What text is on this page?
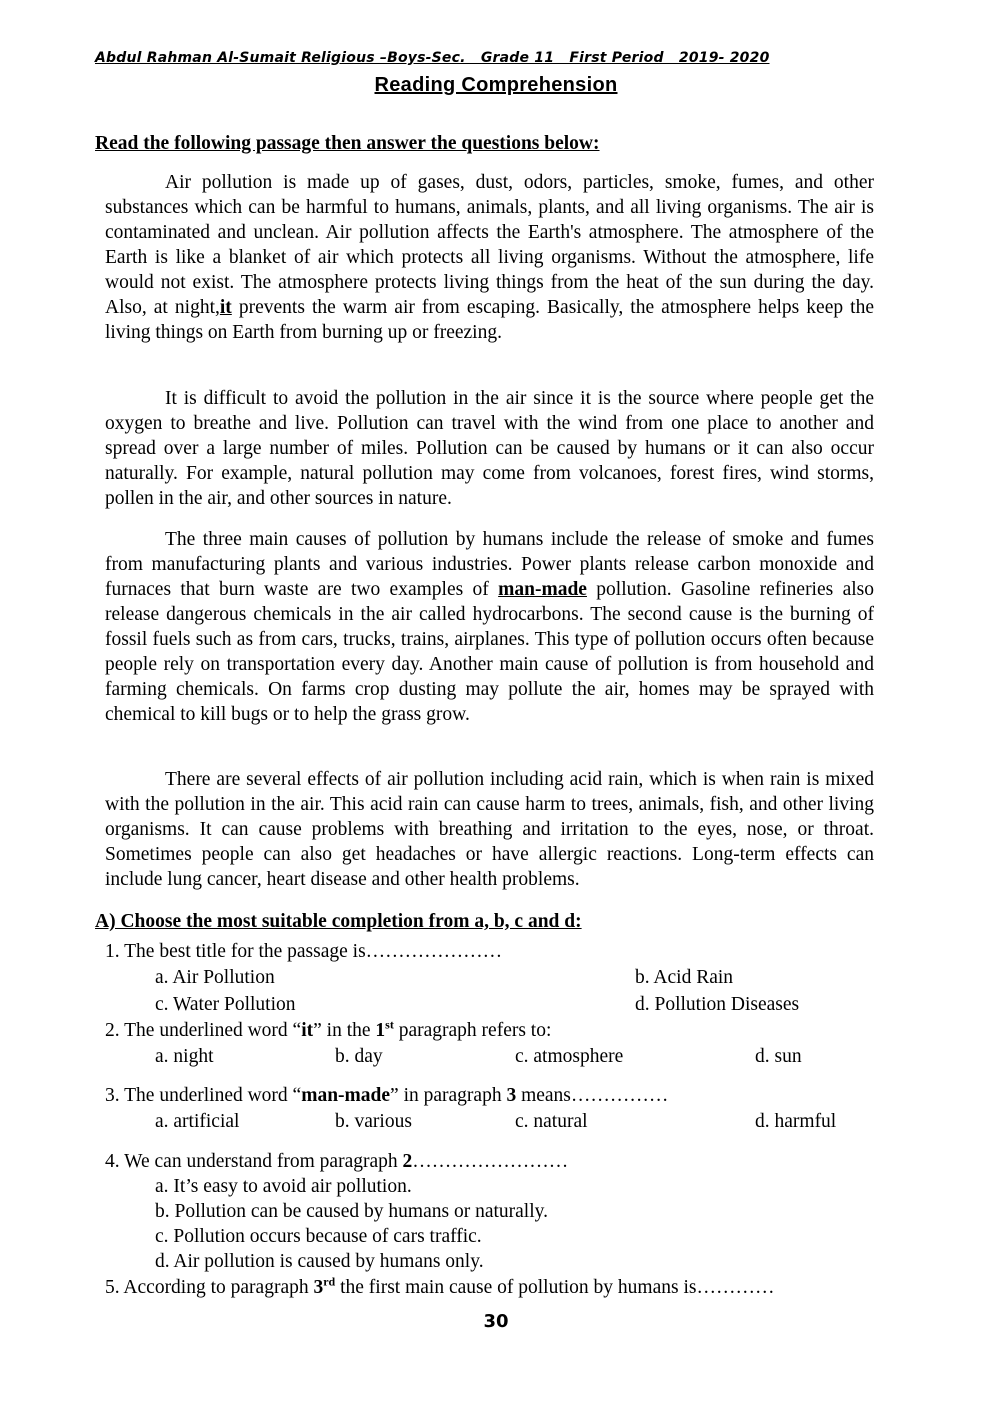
Abdul Rahman Al-Sumait Religious –Boys-Sec.   Grade 11   First Period   2019- 2020
Reading Comprehension
Read the following passage then answer the questions below:

Air pollution is made up of gases, dust, odors, particles, smoke, fumes, and other substances which can be harmful to humans, animals, plants, and all living organisms. The air is contaminated and unclean. Air pollution affects the Earth's atmosphere. The atmosphere of the Earth is like a blanket of air which protects all living organisms. Without the atmosphere, life would not exist. The atmosphere protects living things from the heat of the sun during the day. Also, at night,it prevents the warm air from escaping. Basically, the atmosphere helps keep the living things on Earth from burning up or freezing.

It is difficult to avoid the pollution in the air since it is the source where people get the oxygen to breathe and live. Pollution can travel with the wind from one place to another and spread over a large number of miles. Pollution can be caused by humans or it can also occur naturally. For example, natural pollution may come from volcanoes, forest fires, wind storms, pollen in the air, and other sources in nature.

The three main causes of pollution by humans include the release of smoke and fumes from manufacturing plants and various industries. Power plants release carbon monoxide and furnaces that burn waste are two examples of man-made pollution. Gasoline refineries also release dangerous chemicals in the air called hydrocarbons. The second cause is the burning of fossil fuels such as from cars, trucks, trains, airplanes. This type of pollution occurs often because people rely on transportation every day. Another main cause of pollution is from household and farming chemicals. On farms crop dusting may pollute the air, homes may be sprayed with chemical to kill bugs or to help the grass grow.

There are several effects of air pollution including acid rain, which is when rain is mixed with the pollution in the air. This acid rain can cause harm to trees, animals, fish, and other living organisms. It can cause problems with breathing and irritation to the eyes, nose, or throat. Sometimes people can also get headaches or have allergic reactions. Long-term effects can include lung cancer, heart disease and other health problems.

A) Choose the most suitable completion from a, b, c and d:
1. The best title for the passage is…………………
a. Air Pollution	b. Acid Rain
c. Water Pollution	d. Pollution Diseases
2. The underlined word “it” in the 1st paragraph refers to:
a. night	b. day	c. atmosphere	d. sun
3. The underlined word “man-made” in paragraph 3 means……………
a. artificial	b. various	c. natural	d. harmful
4. We can understand from paragraph 2……………………
a. It’s easy to avoid air pollution.
b. Pollution can be caused by humans or naturally.
c. Pollution occurs because of cars traffic.
d. Air pollution is caused by humans only.
5. According to paragraph 3rd the first main cause of pollution by humans is…………
30
